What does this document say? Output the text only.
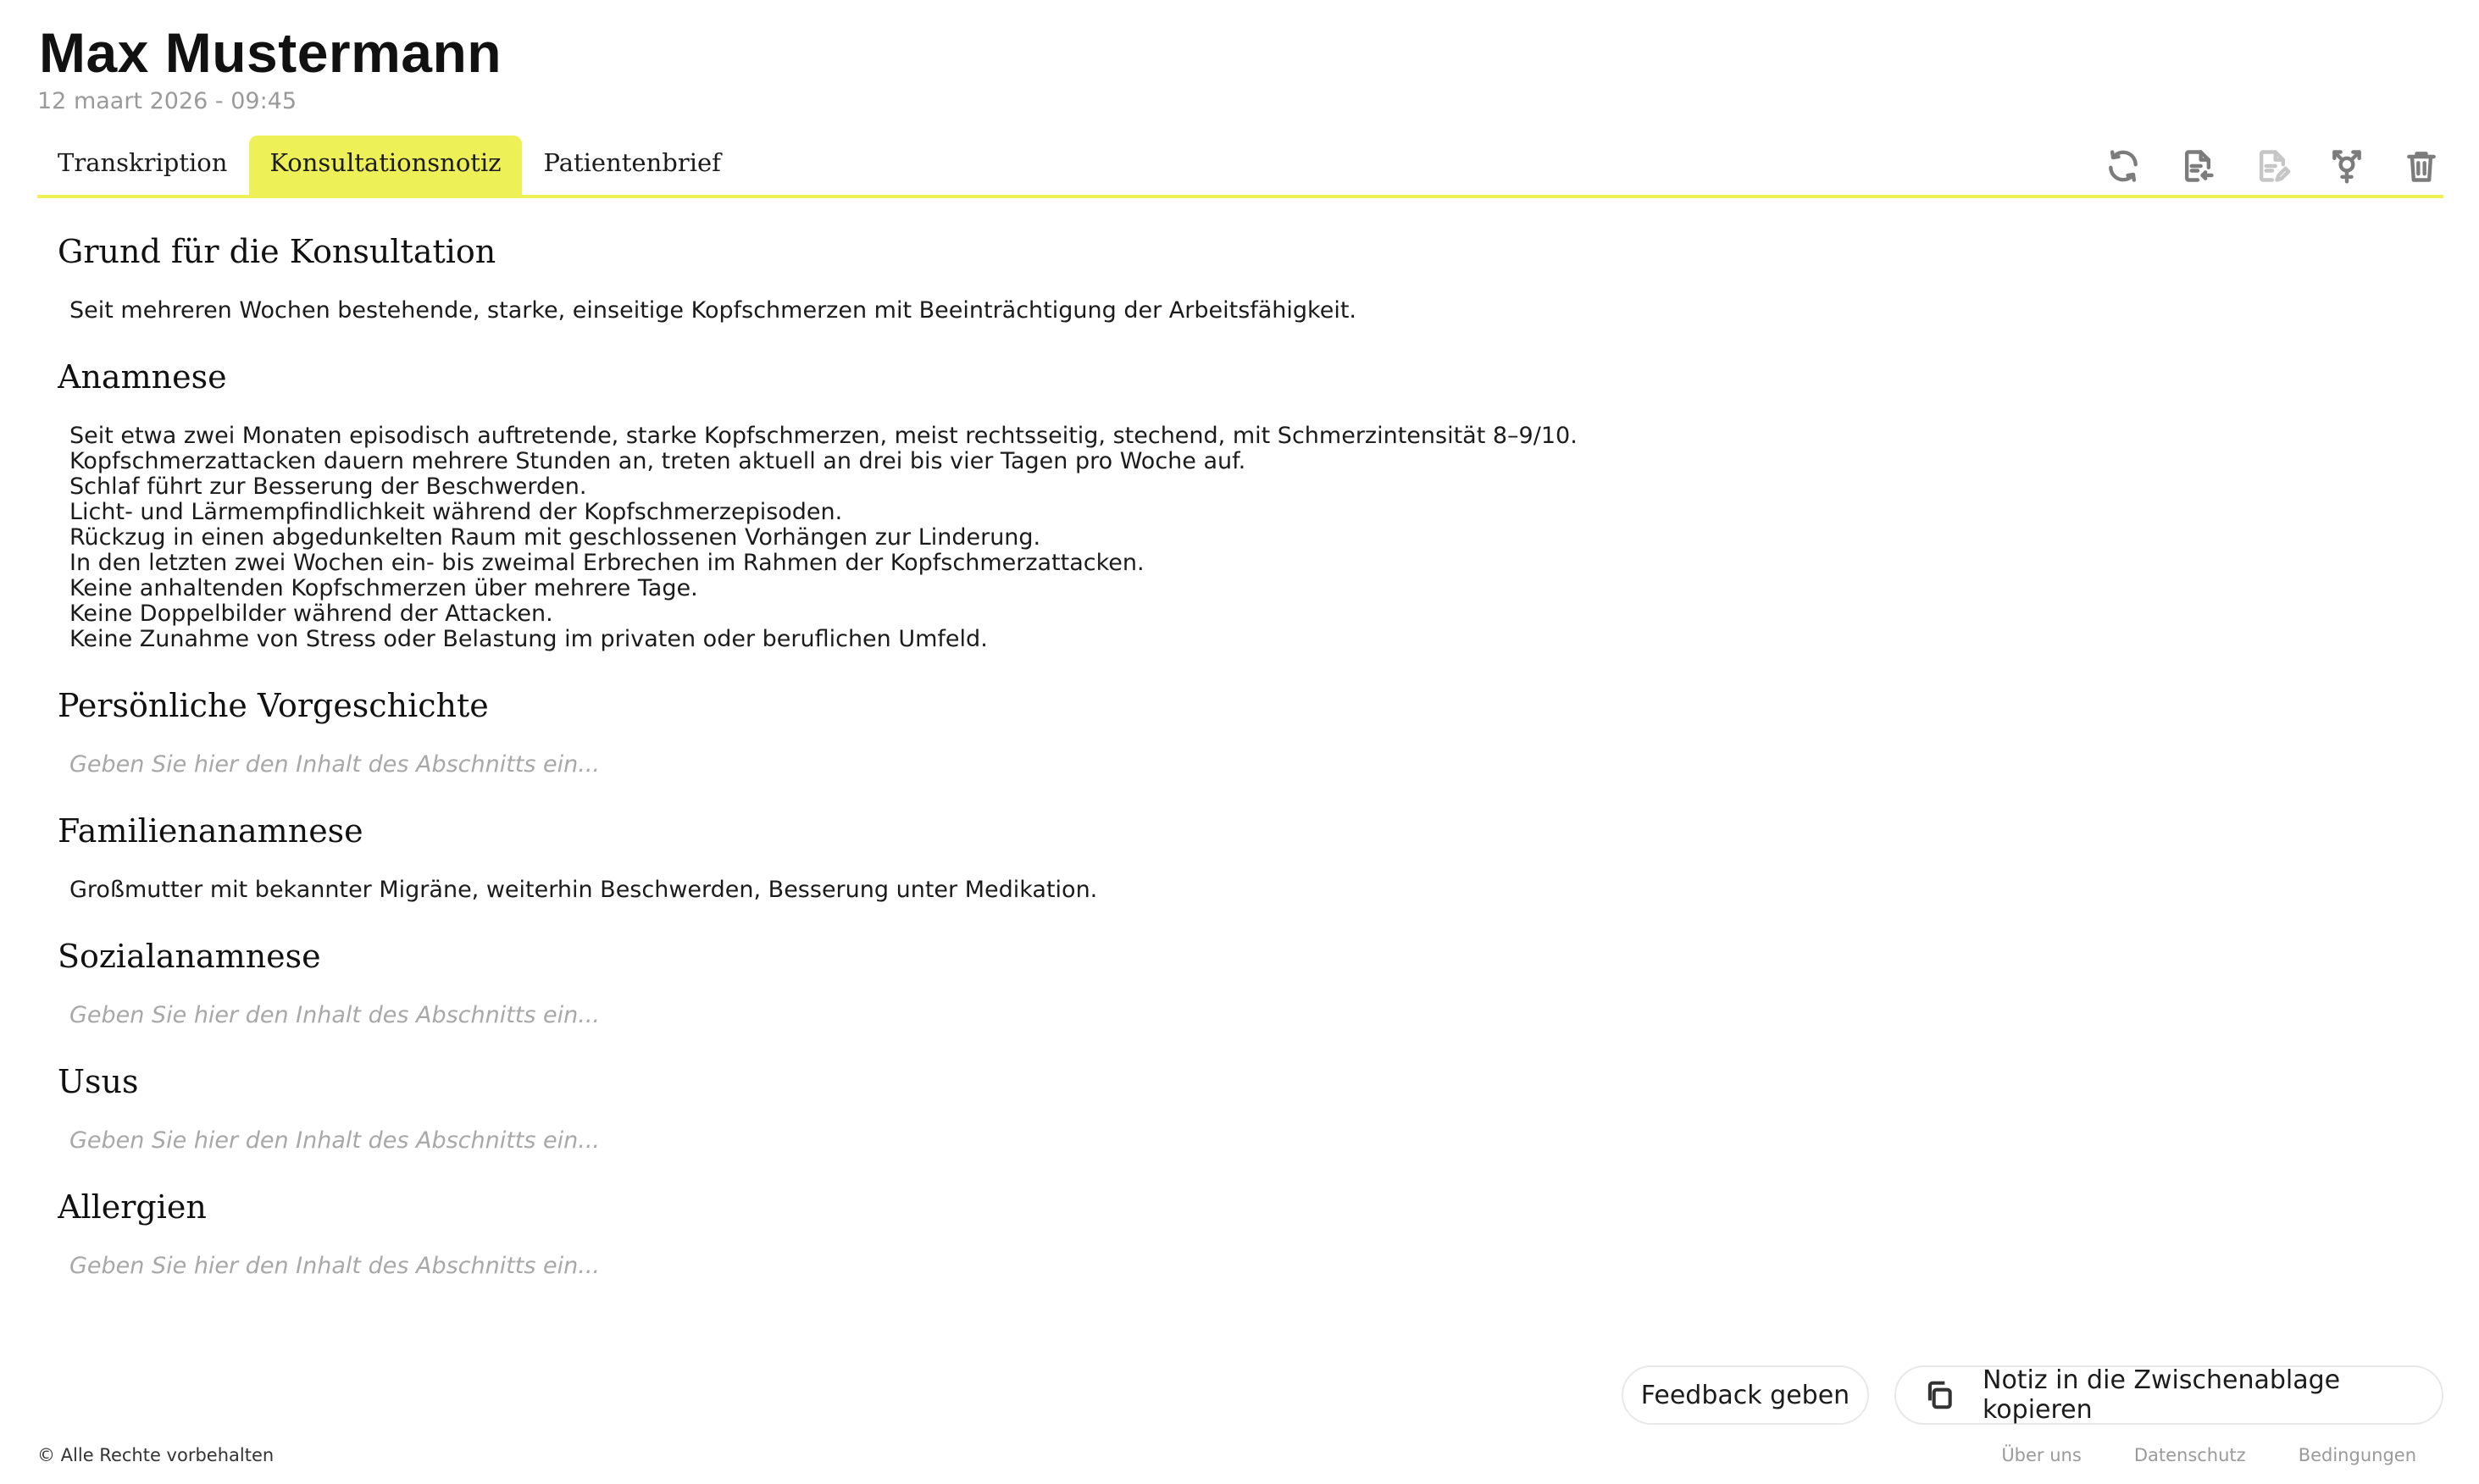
Max Mustermann
12 maart 2026 - 09:45
Transkription	Konsultationsnotiz	Patientenbrief
Grund für die Konsultation
Seit mehreren Wochen bestehende, starke, einseitige Kopfschmerzen mit Beeinträchtigung der Arbeitsfähigkeit.
Anamnese
Seit etwa zwei Monaten episodisch auftretende, starke Kopfschmerzen, meist rechtsseitig, stechend, mit Schmerzintensität 8–9/10.
Kopfschmerzattacken dauern mehrere Stunden an, treten aktuell an drei bis vier Tagen pro Woche auf.
Schlaf führt zur Besserung der Beschwerden.
Licht- und Lärmempfindlichkeit während der Kopfschmerzepisoden.
Rückzug in einen abgedunkelten Raum mit geschlossenen Vorhängen zur Linderung.
In den letzten zwei Wochen ein- bis zweimal Erbrechen im Rahmen der Kopfschmerzattacken.
Keine anhaltenden Kopfschmerzen über mehrere Tage.
Keine Doppelbilder während der Attacken.
Keine Zunahme von Stress oder Belastung im privaten oder beruflichen Umfeld.
Persönliche Vorgeschichte
Geben Sie hier den Inhalt des Abschnitts ein...
Familienanamnese
Großmutter mit bekannter Migräne, weiterhin Beschwerden, Besserung unter Medikation.
Sozialanamnese
Geben Sie hier den Inhalt des Abschnitts ein...
Usus
Geben Sie hier den Inhalt des Abschnitts ein...
Allergien
Geben Sie hier den Inhalt des Abschnitts ein...
Feedback geben	Notiz in die Zwischenablage kopieren
© Alle Rechte vorbehalten	Über uns	Datenschutz	Bedingungen
